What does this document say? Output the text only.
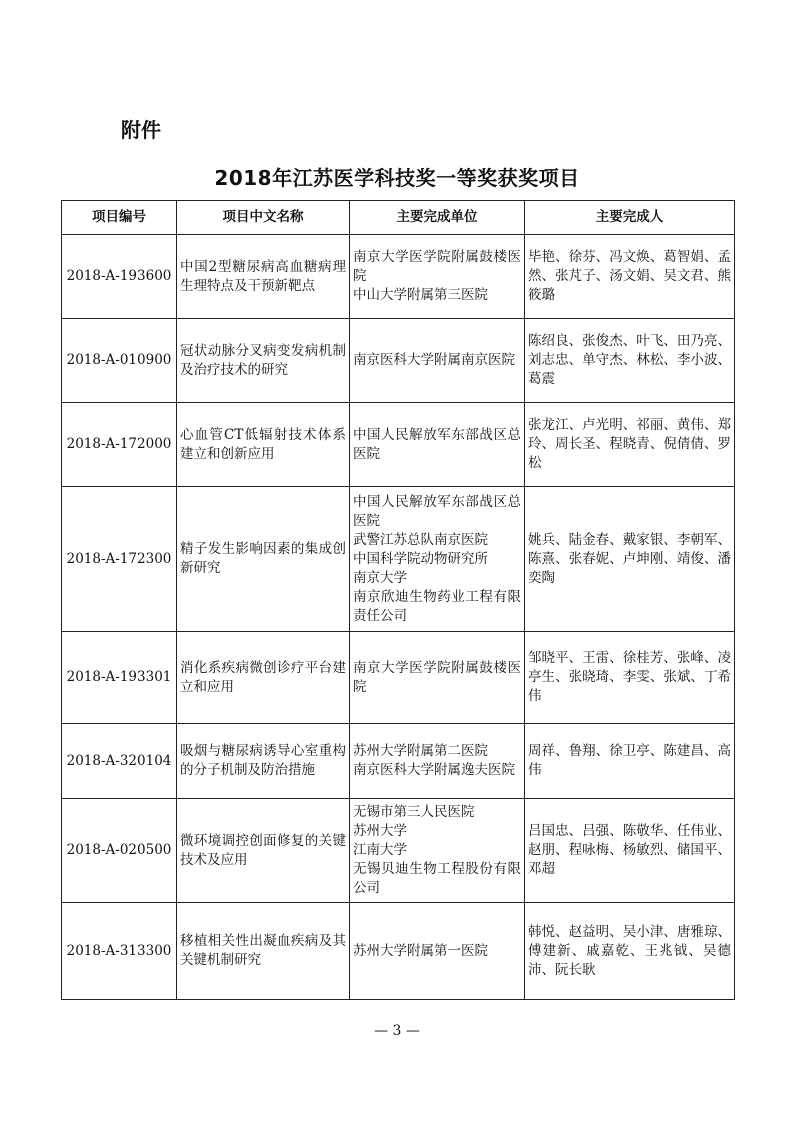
附件
2018年江苏医学科技奖一等奖获奖项目
项目编号	项目中文名称	主要完成单位	主要完成人
2018-A-193600	中国2型糖尿病高血糖病理生理特点及干预新靶点	南京大学医学院附属鼓楼医院
中山大学附属第三医院	毕艳、徐芬、冯文焕、葛智娟、孟然、张芃子、汤文娟、吴文君、熊筱璐
2018-A-010900	冠状动脉分叉病变发病机制及治疗技术的研究	南京医科大学附属南京医院	陈绍良、张俊杰、叶飞、田乃亮、刘志忠、单守杰、林松、李小波、葛震
2018-A-172000	心血管CT低辐射技术体系建立和创新应用	中国人民解放军东部战区总医院	张龙江、卢光明、祁丽、黄伟、郑玲、周长圣、程晓青、倪倩倩、罗松
2018-A-172300	精子发生影响因素的集成创新研究	中国人民解放军东部战区总医院
武警江苏总队南京医院
中国科学院动物研究所
南京大学
南京欣迪生物药业工程有限责任公司	姚兵、陆金春、戴家银、李朝军、陈熹、张春妮、卢坤刚、靖俊、潘奕陶
2018-A-193301	消化系疾病微创诊疗平台建立和应用	南京大学医学院附属鼓楼医院	邹晓平、王雷、徐桂芳、张峰、凌亭生、张晓琦、李雯、张斌、丁希伟
2018-A-320104	吸烟与糖尿病诱导心室重构的分子机制及防治措施	苏州大学附属第二医院
南京医科大学附属逸夫医院	周祥、鲁翔、徐卫亭、陈建昌、高伟
2018-A-020500	微环境调控创面修复的关键技术及应用	无锡市第三人民医院
苏州大学
江南大学
无锡贝迪生物工程股份有限公司	吕国忠、吕强、陈敬华、任伟业、赵朋、程咏梅、杨敏烈、储国平、邓超
2018-A-313300	移植相关性出凝血疾病及其关键机制研究	苏州大学附属第一医院	韩悦、赵益明、吴小津、唐雅琼、傅建新、戚嘉乾、王兆钺、吴德沛、阮长耿
— 3 —
